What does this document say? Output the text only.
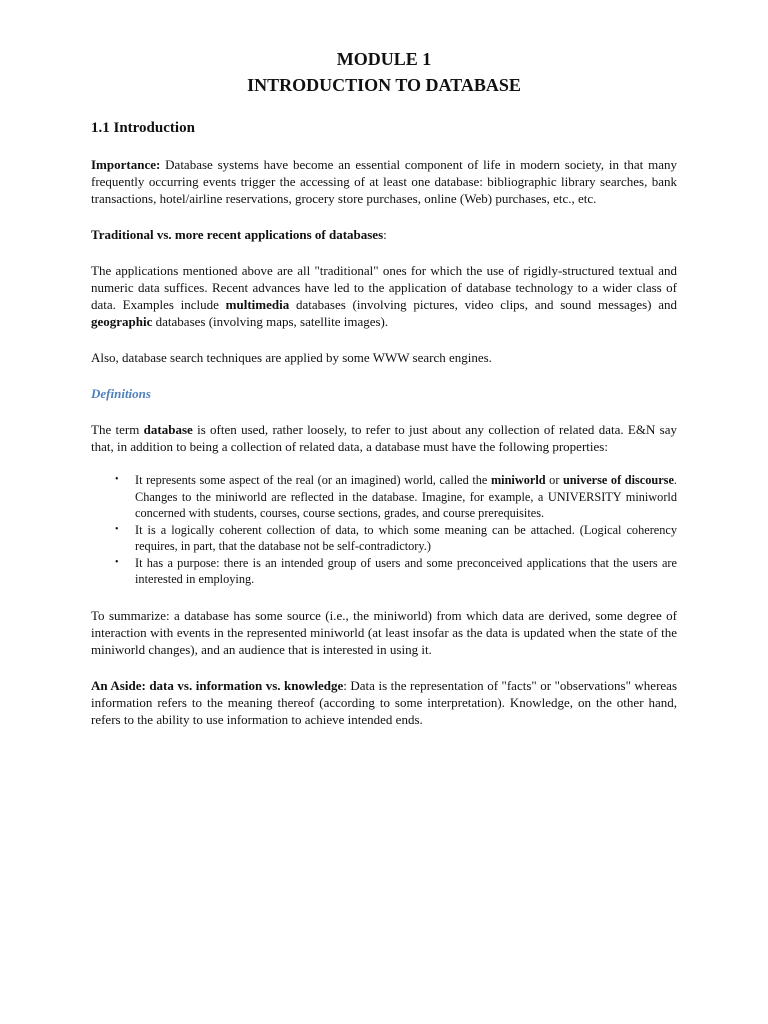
MODULE 1
INTRODUCTION TO DATABASE
1.1 Introduction

Importance: Database systems have become an essential component of life in modern society, in that many frequently occurring events trigger the accessing of at least one database: bibliographic library searches, bank transactions, hotel/airline reservations, grocery store purchases, online (Web) purchases, etc., etc.

Traditional vs. more recent applications of databases:

The applications mentioned above are all "traditional" ones for which the use of rigidly-structured textual and numeric data suffices. Recent advances have led to the application of database technology to a wider class of data. Examples include multimedia databases (involving pictures, video clips, and sound messages) and geographic databases (involving maps, satellite images).

Also, database search techniques are applied by some WWW search engines.

Definitions

The term database is often used, rather loosely, to refer to just about any collection of related data. E&N say that, in addition to being a collection of related data, a database must have the following properties:

• It represents some aspect of the real (or an imagined) world, called the miniworld or universe of discourse. Changes to the miniworld are reflected in the database. Imagine, for example, a UNIVERSITY miniworld concerned with students, courses, course sections, grades, and course prerequisites.
• It is a logically coherent collection of data, to which some meaning can be attached. (Logical coherency requires, in part, that the database not be self-contradictory.)
• It has a purpose: there is an intended group of users and some preconceived applications that the users are interested in employing.

To summarize: a database has some source (i.e., the miniworld) from which data are derived, some degree of interaction with events in the represented miniworld (at least insofar as the data is updated when the state of the miniworld changes), and an audience that is interested in using it.

An Aside: data vs. information vs. knowledge: Data is the representation of "facts" or "observations" whereas information refers to the meaning thereof (according to some interpretation). Knowledge, on the other hand, refers to the ability to use information to achieve intended ends.
